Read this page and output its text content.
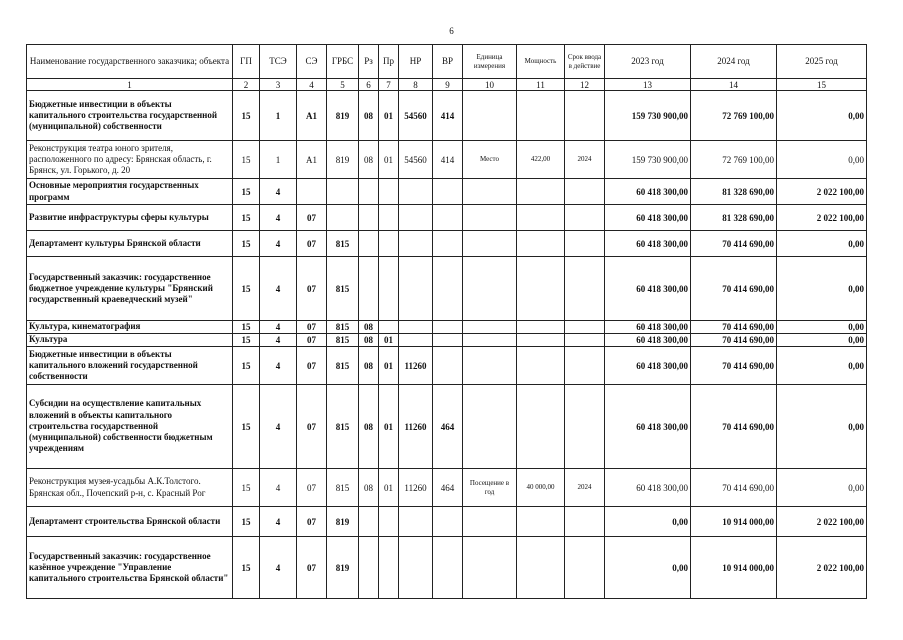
6
Наименование государственного заказчика; объекта	ГП	ТСЭ	СЭ	ГРБС	Рз	Пр	НР	ВР	Единица измерения	Мощность	Срок ввода в действие	2023 год	2024 год	2025 год
1	2	3	4	5	6	7	8	9	10	11	12	13	14	15
Бюджетные инвестиции в объекты капитального строительства государственной (муниципальной) собственности	15	1	А1	819	08	01	54560	414				159 730 900,00	72 769 100,00	0,00
Реконструкция театра юного зрителя, расположенного по адресу: Брянская область, г. Брянск, ул. Горького, д. 20	15	1	А1	819	08	01	54560	414	Место	422,00	2024	159 730 900,00	72 769 100,00	0,00
Основные мероприятия государственных программ	15	4										60 418 300,00	81 328 690,00	2 022 100,00
Развитие инфраструктуры сферы культуры	15	4	07									60 418 300,00	81 328 690,00	2 022 100,00
Департамент культуры Брянской области	15	4	07	815								60 418 300,00	70 414 690,00	0,00
Государственный заказчик: государственное бюджетное учреждение культуры "Брянский государственный краеведческий музей"	15	4	07	815								60 418 300,00	70 414 690,00	0,00
Культура, кинематография	15	4	07	815	08							60 418 300,00	70 414 690,00	0,00
Культура	15	4	07	815	08	01						60 418 300,00	70 414 690,00	0,00
Бюджетные инвестиции в объекты капитального вложений государственной собственности	15	4	07	815	08	01	11260					60 418 300,00	70 414 690,00	0,00
Субсидии на осуществление капитальных вложений в объекты капитального строительства государственной (муниципальной) собственности бюджетным учреждениям	15	4	07	815	08	01	11260	464				60 418 300,00	70 414 690,00	0,00
Реконструкция музея-усадьбы А.К.Толстого. Брянская обл., Почепский р-н, с. Красный Рог	15	4	07	815	08	01	11260	464	Посещение в год	40 000,00	2024	60 418 300,00	70 414 690,00	0,00
Департамент строительства Брянской области	15	4	07	819								0,00	10 914 000,00	2 022 100,00
Государственный заказчик: государственное казённое учреждение "Управление капитального строительства Брянской области"	15	4	07	819								0,00	10 914 000,00	2 022 100,00
